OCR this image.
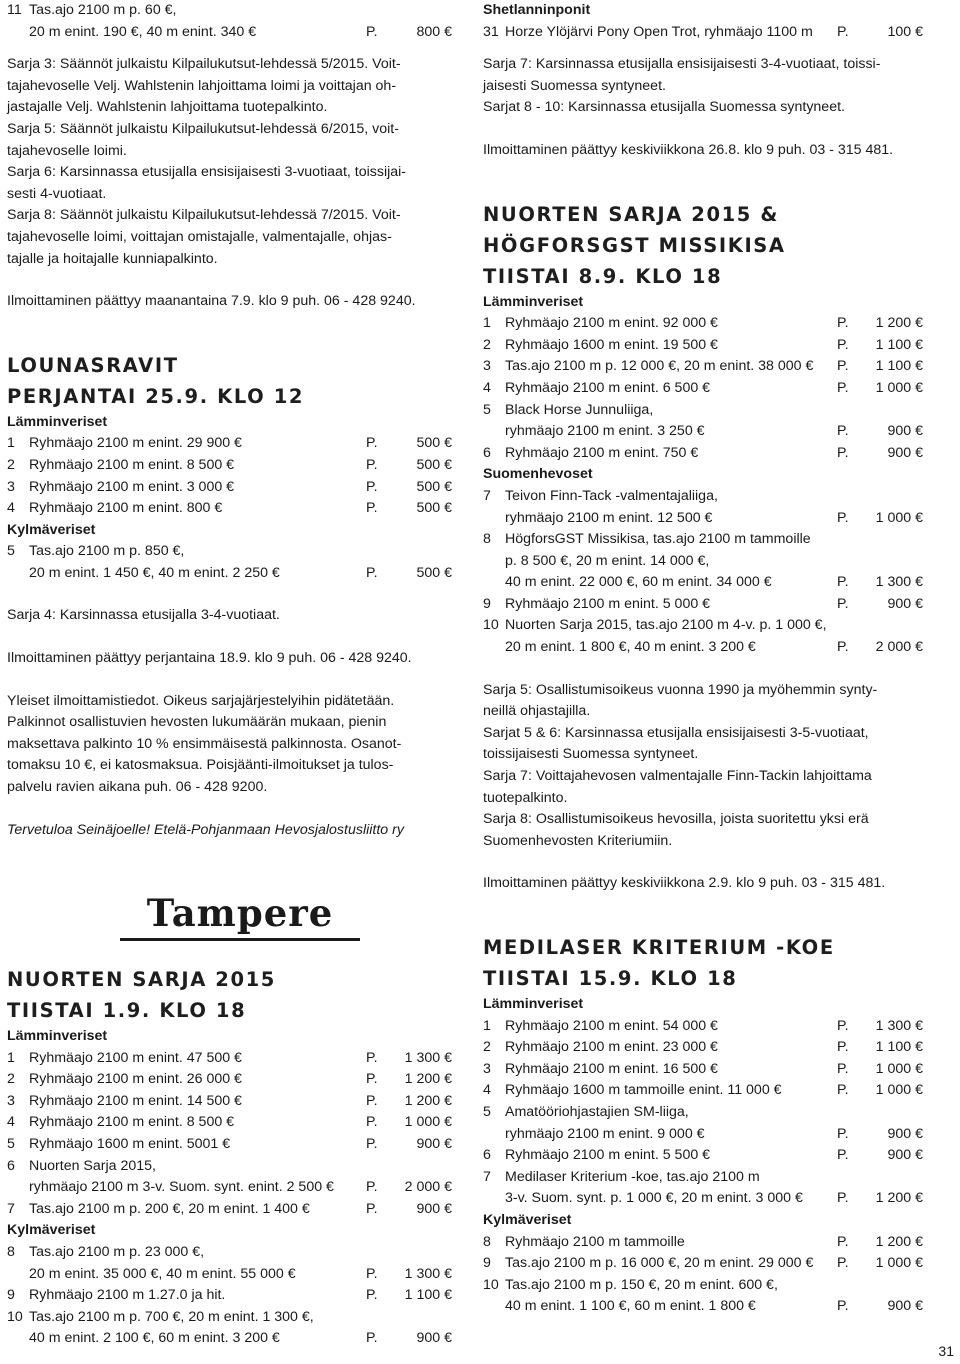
11 Tas.ajo 2100 m p. 60 €,
20 m enint. 190 €, 40 m enint. 340 €	P.	800 €
Sarja 3: Säännöt julkaistu Kilpailukutsut-lehdessä 5/2015. Voit-
tajahevoselle Velj. Wahlstenin lahjoittama loimi ja voittajan oh-
jastajalle Velj. Wahlstenin lahjoittama tuotepalkinto.
Sarja 5: Säännöt julkaistu Kilpailukutsut-lehdessä 6/2015, voit-
tajahevoselle loimi.
Sarja 6: Karsinnassa etusijalla ensisijaisesti 3-vuotiaat, toissijai-
sesti 4-vuotiaat.
Sarja 8: Säännöt julkaistu Kilpailukutsut-lehdessä 7/2015. Voit-
tajahevoselle loimi, voittajan omistajalle, valmentajalle, ohjas-
tajalle ja hoitajalle kunniapalkinto.
Ilmoittaminen päättyy maanantaina 7.9. klo 9 puh. 06 - 428 9240.
LOUNASRAVIT
PERJANTAI 25.9. KLO 12
Lämminveriset
1 Ryhmäajo 2100 m enint. 29 900 €	P.	500 €
2 Ryhmäajo 2100 m enint. 8 500 €	P.	500 €
3 Ryhmäajo 2100 m enint. 3 000 €	P.	500 €
4 Ryhmäajo 2100 m enint. 800 €	P.	500 €
Kylmäveriset
5 Tas.ajo 2100 m p. 850 €,
20 m enint. 1 450 €, 40 m enint. 2 250 €	P.	500 €
Sarja 4: Karsinnassa etusijalla 3-4-vuotiaat.
Ilmoittaminen päättyy perjantaina 18.9. klo 9 puh. 06 - 428 9240.
Yleiset ilmoittamistiedot. Oikeus sarjajärjestelyihin pidätetään.
Palkinnot osallistuvien hevosten lukumäärän mukaan, pienin
maksettava palkinto 10 % ensimmäisestä palkinnosta. Osanot-
tomaksu 10 €, ei katosmaksua. Poisjäänti-ilmoitukset ja tulos-
palvelu ravien aikana puh. 06 - 428 9200.
Tervetuloa Seinäjoelle! Etelä-Pohjanmaan Hevosjalostusliitto ry
Tampere
NUORTEN SARJA 2015
TIISTAI 1.9. KLO 18
Lämminveriset
1 Ryhmäajo 2100 m enint. 47 500 €	P.	1 300 €
2 Ryhmäajo 2100 m enint. 26 000 €	P.	1 200 €
3 Ryhmäajo 2100 m enint. 14 500 €	P.	1 200 €
4 Ryhmäajo 2100 m enint. 8 500 €	P.	1 000 €
5 Ryhmäajo 1600 m enint. 5001 €	P.	900 €
6 Nuorten Sarja 2015,
ryhmäajo 2100 m 3-v. Suom. synt. enint. 2 500 €	P.	2 000 €
7 Tas.ajo 2100 m p. 200 €, 20 m enint. 1 400 €	P.	900 €
Kylmäveriset
8 Tas.ajo 2100 m p. 23 000 €,
20 m enint. 35 000 €, 40 m enint. 55 000 €	P.	1 300 €
9 Ryhmäajo 2100 m 1.27.0 ja hit.	P.	1 100 €
10 Tas.ajo 2100 m p. 700 €, 20 m enint. 1 300 €,
40 m enint. 2 100 €, 60 m enint. 3 200 €	P.	900 €
Shetlanninponit
31 Horze Ylöjärvi Pony Open Trot, ryhmäajo 1100 m	P.	100 €
Sarja 7: Karsinnassa etusijalla ensisijaisesti 3-4-vuotiaat, toissi-
jaisesti Suomessa syntyneet.
Sarjat 8 - 10: Karsinnassa etusijalla Suomessa syntyneet.
Ilmoittaminen päättyy keskiviikkona 26.8. klo 9 puh. 03 - 315 481.
NUORTEN SARJA 2015 &
HÖGFORSGST MISSIKISA
TIISTAI 8.9. KLO 18
Lämminveriset
1 Ryhmäajo 2100 m enint. 92 000 €	P.	1 200 €
2 Ryhmäajo 1600 m enint. 19 500 €	P.	1 100 €
3 Tas.ajo 2100 m p. 12 000 €, 20 m enint. 38 000 €	P.	1 100 €
4 Ryhmäajo 2100 m enint. 6 500 €	P.	1 000 €
5 Black Horse Junnuliiga,
ryhmäajo 2100 m enint. 3 250 €	P.	900 €
6 Ryhmäajo 2100 m enint. 750 €	P.	900 €
Suomenhevoset
7 Teivon Finn-Tack -valmentajaliiga,
ryhmäajo 2100 m enint. 12 500 €	P.	1 000 €
8 HögforsGST Missikisa, tas.ajo 2100 m tammoille
p. 8 500 €, 20 m enint. 14 000 €,
40 m enint. 22 000 €, 60 m enint. 34 000 €	P.	1 300 €
9 Ryhmäajo 2100 m enint. 5 000 €	P.	900 €
10 Nuorten Sarja 2015, tas.ajo 2100 m 4-v. p. 1 000 €,
20 m enint. 1 800 €, 40 m enint. 3 200 €	P.	2 000 €
Sarja 5: Osallistumisoikeus vuonna 1990 ja myöhemmin synty-
neillä ohjastajilla.
Sarjat 5 & 6: Karsinnassa etusijalla ensisijaisesti 3-5-vuotiaat,
toissijaisesti Suomessa syntyneet.
Sarja 7: Voittajahevosen valmentajalle Finn-Tackin lahjoittama
tuotepalkinto.
Sarja 8: Osallistumisoikeus hevosilla, joista suoritettu yksi erä
Suomenhevosten Kriteriumiin.
Ilmoittaminen päättyy keskiviikkona 2.9. klo 9 puh. 03 - 315 481.
MEDILASER KRITERIUM -KOE
TIISTAI 15.9. KLO 18
Lämminveriset
1 Ryhmäajo 2100 m enint. 54 000 €	P.	1 300 €
2 Ryhmäajo 2100 m enint. 23 000 €	P.	1 100 €
3 Ryhmäajo 2100 m enint. 16 500 €	P.	1 000 €
4 Ryhmäajo 1600 m tammoille enint. 11 000 €	P.	1 000 €
5 Amatööriohjastajien SM-liiga,
ryhmäajo 2100 m enint. 9 000 €	P.	900 €
6 Ryhmäajo 2100 m enint. 5 500 €	P.	900 €
7 Medilaser Kriterium -koe, tas.ajo 2100 m
3-v. Suom. synt. p. 1 000 €, 20 m enint. 3 000 €	P.	1 200 €
Kylmäveriset
8 Ryhmäajo 2100 m tammoille	P.	1 200 €
9 Tas.ajo 2100 m p. 16 000 €, 20 m enint. 29 000 €	P.	1 000 €
10 Tas.ajo 2100 m p. 150 €, 20 m enint. 600 €,
40 m enint. 1 100 €, 60 m enint. 1 800 €	P.	900 €
31
